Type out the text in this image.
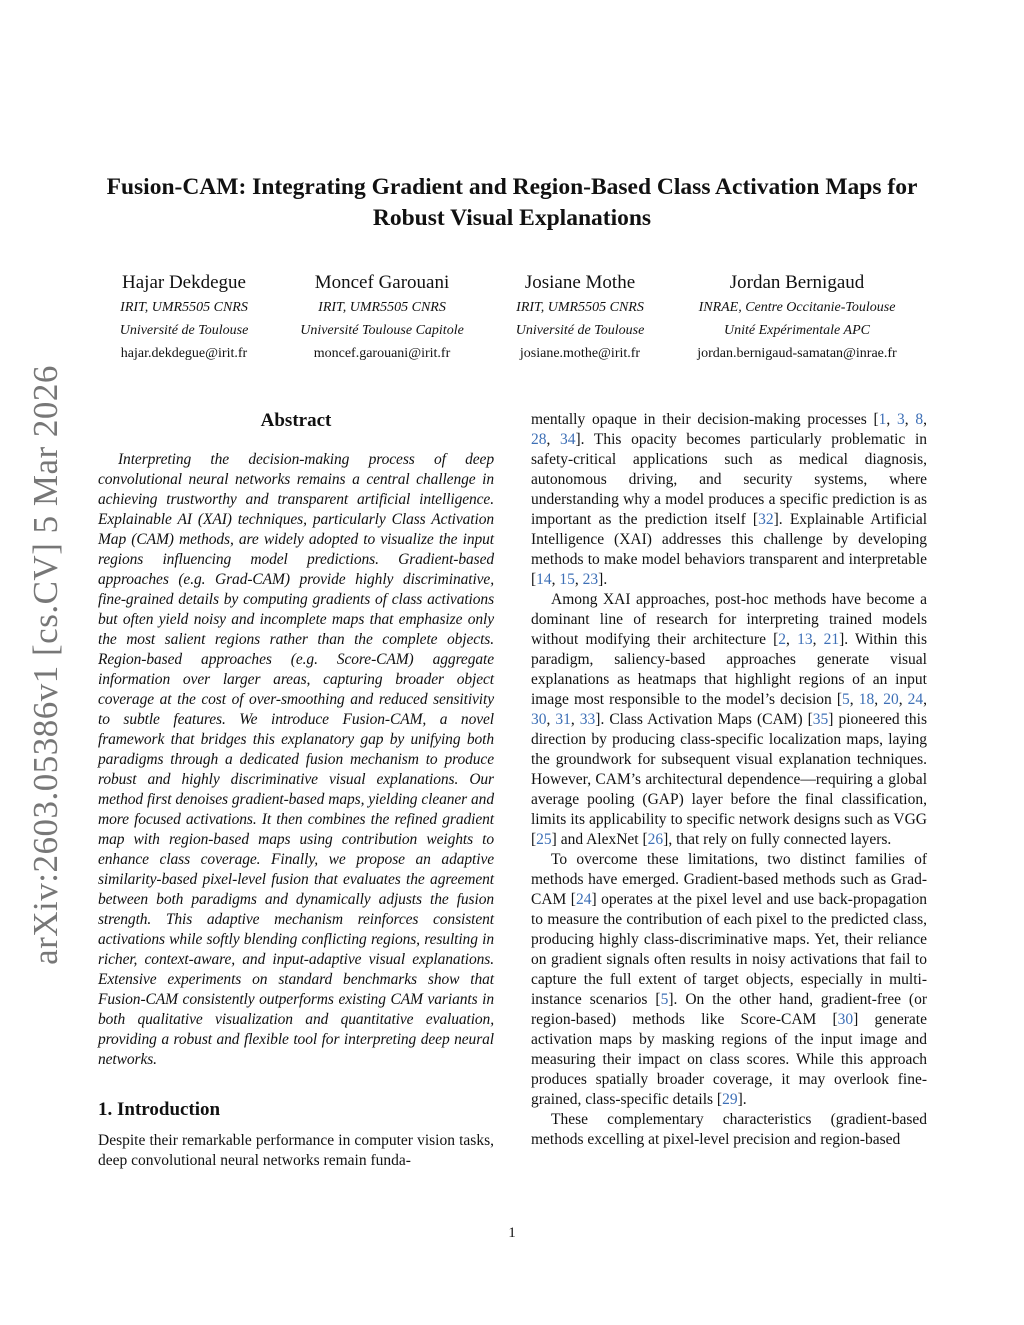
arXiv:2603.05386v1 [cs.CV] 5 Mar 2026
Fusion-CAM: Integrating Gradient and Region-Based Class Activation Maps for
Robust Visual Explanations
Hajar Dekdegue
IRIT, UMR5505 CNRS
Université de Toulouse
hajar.dekdegue@irit.fr
Moncef Garouani
IRIT, UMR5505 CNRS
Université Toulouse Capitole
moncef.garouani@irit.fr
Josiane Mothe
IRIT, UMR5505 CNRS
Université de Toulouse
josiane.mothe@irit.fr
Jordan Bernigaud
INRAE, Centre Occitanie-Toulouse
Unité Expérimentale APC
jordan.bernigaud-samatan@inrae.fr

Abstract

Interpreting the decision-making process of deep convolutional neural networks remains a central challenge in achieving trustworthy and transparent artificial intelligence. Explainable AI (XAI) techniques, particularly Class Activation Map (CAM) methods, are widely adopted to visualize the input regions influencing model predictions. Gradient-based approaches (e.g. Grad-CAM) provide highly discriminative, fine-grained details by computing gradients of class activations but often yield noisy and incomplete maps that emphasize only the most salient regions rather than the complete objects. Region-based approaches (e.g. Score-CAM) aggregate information over larger areas, capturing broader object coverage at the cost of over-smoothing and reduced sensitivity to subtle features. We introduce Fusion-CAM, a novel framework that bridges this explanatory gap by unifying both paradigms through a dedicated fusion mechanism to produce robust and highly discriminative visual explanations. Our method first denoises gradient-based maps, yielding cleaner and more focused activations. It then combines the refined gradient map with region-based maps using contribution weights to enhance class coverage. Finally, we propose an adaptive similarity-based pixel-level fusion that evaluates the agreement between both paradigms and dynamically adjusts the fusion strength. This adaptive mechanism reinforces consistent activations while softly blending conflicting regions, resulting in richer, context-aware, and input-adaptive visual explanations. Extensive experiments on standard benchmarks show that Fusion-CAM consistently outperforms existing CAM variants in both qualitative visualization and quantitative evaluation, providing a robust and flexible tool for interpreting deep neural networks.

1. Introduction

Despite their remarkable performance in computer vision tasks, deep convolutional neural networks remain funda-

mentally opaque in their decision-making processes [1, 3, 8, 28, 34]. This opacity becomes particularly problematic in safety-critical applications such as medical diagnosis, autonomous driving, and security systems, where understanding why a model produces a specific prediction is as important as the prediction itself [32]. Explainable Artificial Intelligence (XAI) addresses this challenge by developing methods to make model behaviors transparent and interpretable [14, 15, 23].

Among XAI approaches, post-hoc methods have become a dominant line of research for interpreting trained models without modifying their architecture [2, 13, 21]. Within this paradigm, saliency-based approaches generate visual explanations as heatmaps that highlight regions of an input image most responsible to the model’s decision [5, 18, 20, 24, 30, 31, 33]. Class Activation Maps (CAM) [35] pioneered this direction by producing class-specific localization maps, laying the groundwork for subsequent visual explanation techniques. However, CAM’s architectural dependence—requiring a global average pooling (GAP) layer before the final classification, limits its applicability to specific network designs such as VGG [25] and AlexNet [26], that rely on fully connected layers.

To overcome these limitations, two distinct families of methods have emerged. Gradient-based methods such as Grad-CAM [24] operates at the pixel level and use back-propagation to measure the contribution of each pixel to the predicted class, producing highly class-discriminative maps. Yet, their reliance on gradient signals often results in noisy activations that fail to capture the full extent of target objects, especially in multi-instance scenarios [5]. On the other hand, gradient-free (or region-based) methods like Score-CAM [30] generate activation maps by masking regions of the input image and measuring their impact on class scores. While this approach produces spatially broader coverage, it may overlook fine-grained, class-specific details [29].

These complementary characteristics (gradient-based methods excelling at pixel-level precision and region-based

1
